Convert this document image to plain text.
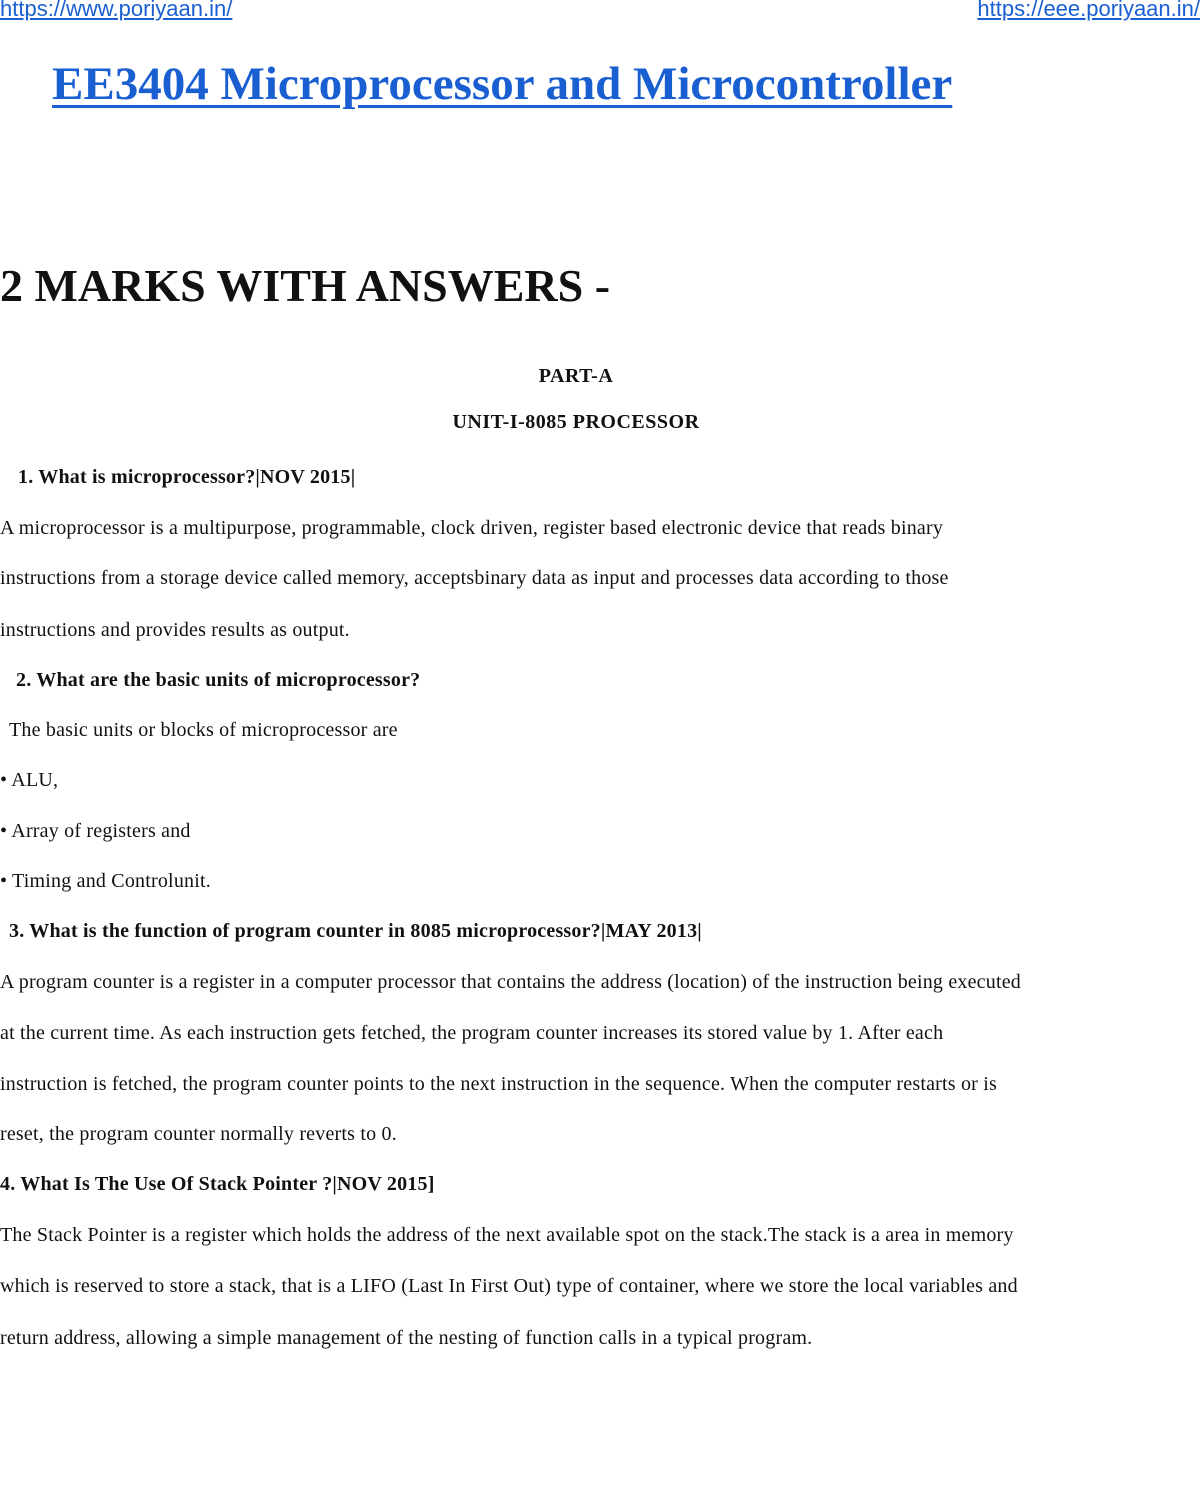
https://www.poriyaan.in/	https://eee.poriyaan.in/
EE3404 Microprocessor and Microcontroller
2 MARKS WITH ANSWERS -
PART-A
UNIT-I-8085 PROCESSOR
1. What is microprocessor?|NOV 2015|
A microprocessor is a multipurpose, programmable, clock driven, register based electronic device that reads binary
instructions from a storage device called memory, acceptsbinary data as input and processes data according to those
instructions and provides results as output.
2. What are the basic units of microprocessor?
The basic units or blocks of microprocessor are
• ALU,
• Array of registers and
• Timing and Controlunit.
3. What is the function of program counter in 8085 microprocessor?|MAY 2013|
A program counter is a register in a computer processor that contains the address (location) of the instruction being executed
at the current time. As each instruction gets fetched, the program counter increases its stored value by 1. After each
instruction is fetched, the program counter points to the next instruction in the sequence. When the computer restarts or is
reset, the program counter normally reverts to 0.
4. What Is The Use Of Stack Pointer ?|NOV 2015]
The Stack Pointer is a register which holds the address of the next available spot on the stack.The stack is a area in memory
which is reserved to store a stack, that is a LIFO (Last In First Out) type of container, where we store the local variables and
return address, allowing a simple management of the nesting of function calls in a typical program.
